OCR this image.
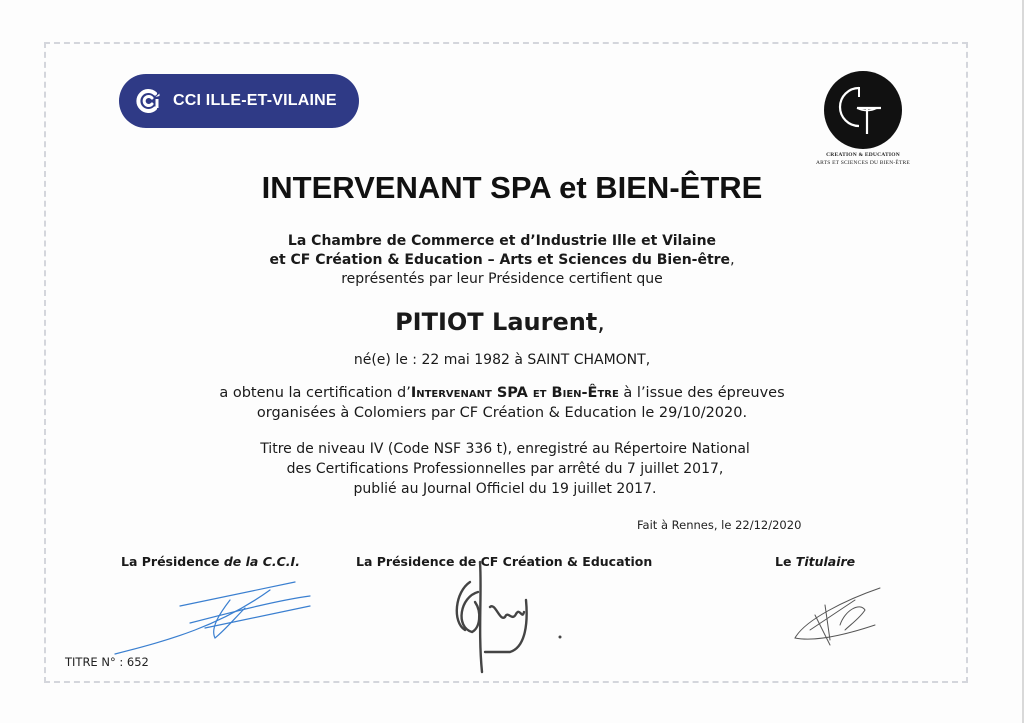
CCI ILLE-ET-VILAINE
CREATION & EDUCATION
ARTS ET SCIENCES DU BIEN-ÊTRE
INTERVENANT SPA et BIEN-ÊTRE
La Chambre de Commerce et d’Industrie Ille et Vilaine
et CF Création & Education – Arts et Sciences du Bien-être,
représentés par leur Présidence certifient que
PITIOT Laurent,
né(e) le : 22 mai 1982 à SAINT CHAMONT,
a obtenu la certification d’Intervenant SPA et Bien-Être à l’issue des épreuves
organisées à Colomiers par CF Création & Education le 29/10/2020.
Titre de niveau IV (Code NSF 336 t), enregistré au Répertoire National
des Certifications Professionnelles par arrêté du 7 juillet 2017,
publié au Journal Officiel du 19 juillet 2017.
Fait à Rennes, le 22/12/2020
La Présidence de la C.C.I.	La Présidence de CF Création & Education	Le Titulaire
TITRE N° : 652
